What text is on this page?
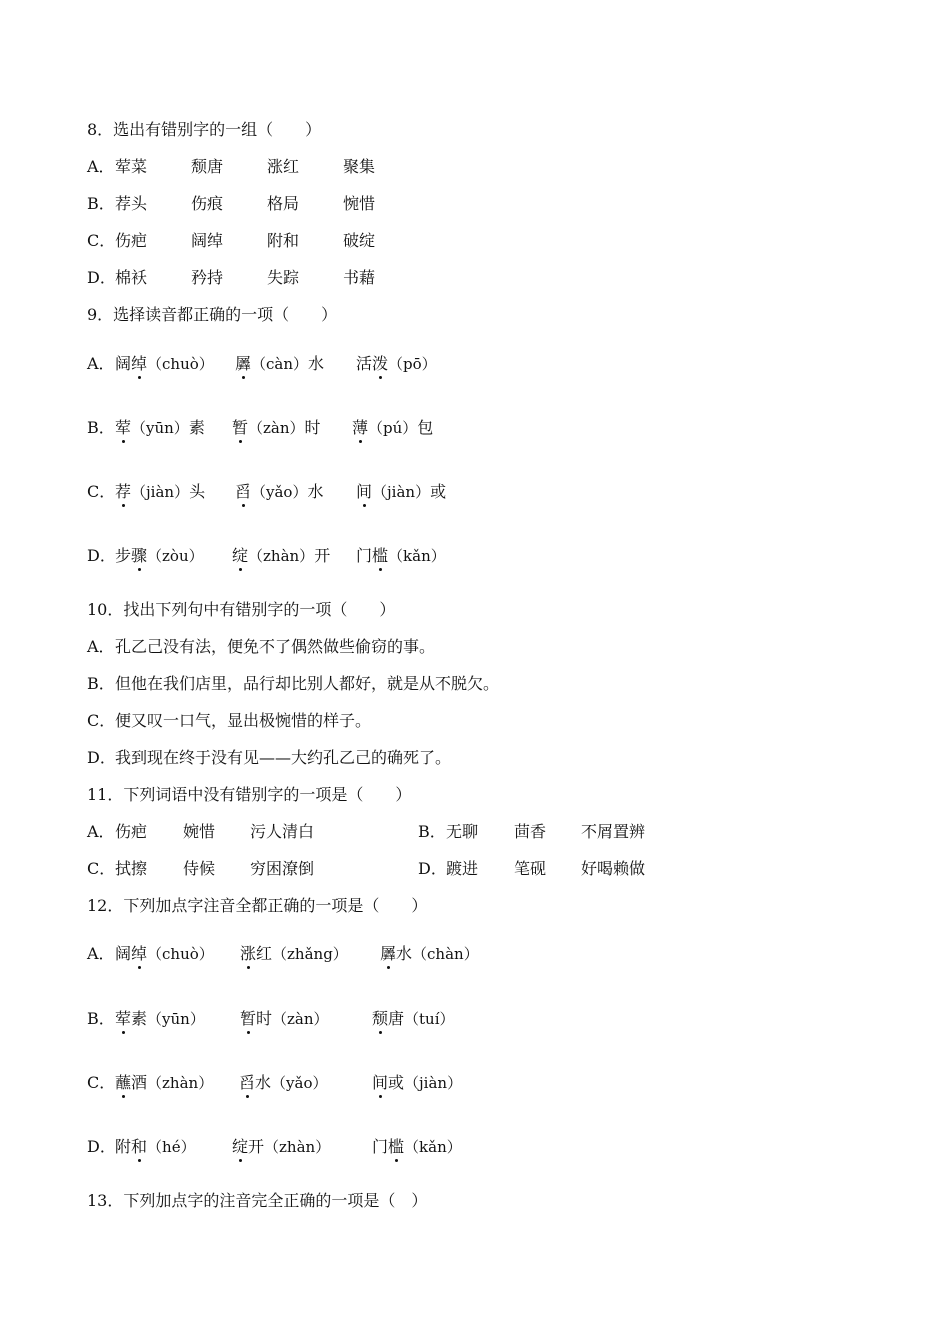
8．选出有错别字的一组（　　）
A．荤菜	颓唐	涨红	聚集
B．荐头	伤痕	格局	惋惜
C．伤疤	阔绰	附和	破绽
D．棉袄	矜持	失踪	书藉
9．选择读音都正确的一项（　　）
A．阔绰（chuò） 羼（càn）水 活泼（pō）
B．荤（yūn）素 暂（zàn）时 薄（pú）包
C．荐（jiàn）头 舀（yǎo）水 间（jiàn）或
D．步骤（zòu） 绽（zhàn）开 门槛（kǎn）
10．找出下列句中有错别字的一项（　　）
A．孔乙己没有法，便免不了偶然做些偷窃的事。
B．但他在我们店里，品行却比别人都好，就是从不脱欠。
C．便又叹一口气，显出极惋惜的样子。
D．我到现在终于没有见——大约孔乙己的确死了。
11．下列词语中没有错别字的一项是（　　）
A．伤疤 婉惜 污人清白	B．无聊 茴香 不屑置辨
C．拭擦 侍候 穷困潦倒	D．踱进 笔砚 好喝赖做
12．下列加点字注音全都正确的一项是（　　）
A．阔绰（chuò） 涨红（zhǎng） 羼水（chàn）
B．荤素（yūn） 暂时（zàn）	颓唐（tuí）
C．蘸酒（zhàn） 舀水（yǎo）	间或（jiàn）
D．附和（hé） 绽开（zhàn）	门槛（kǎn）
13．下列加点字的注音完全正确的一项是（　）
